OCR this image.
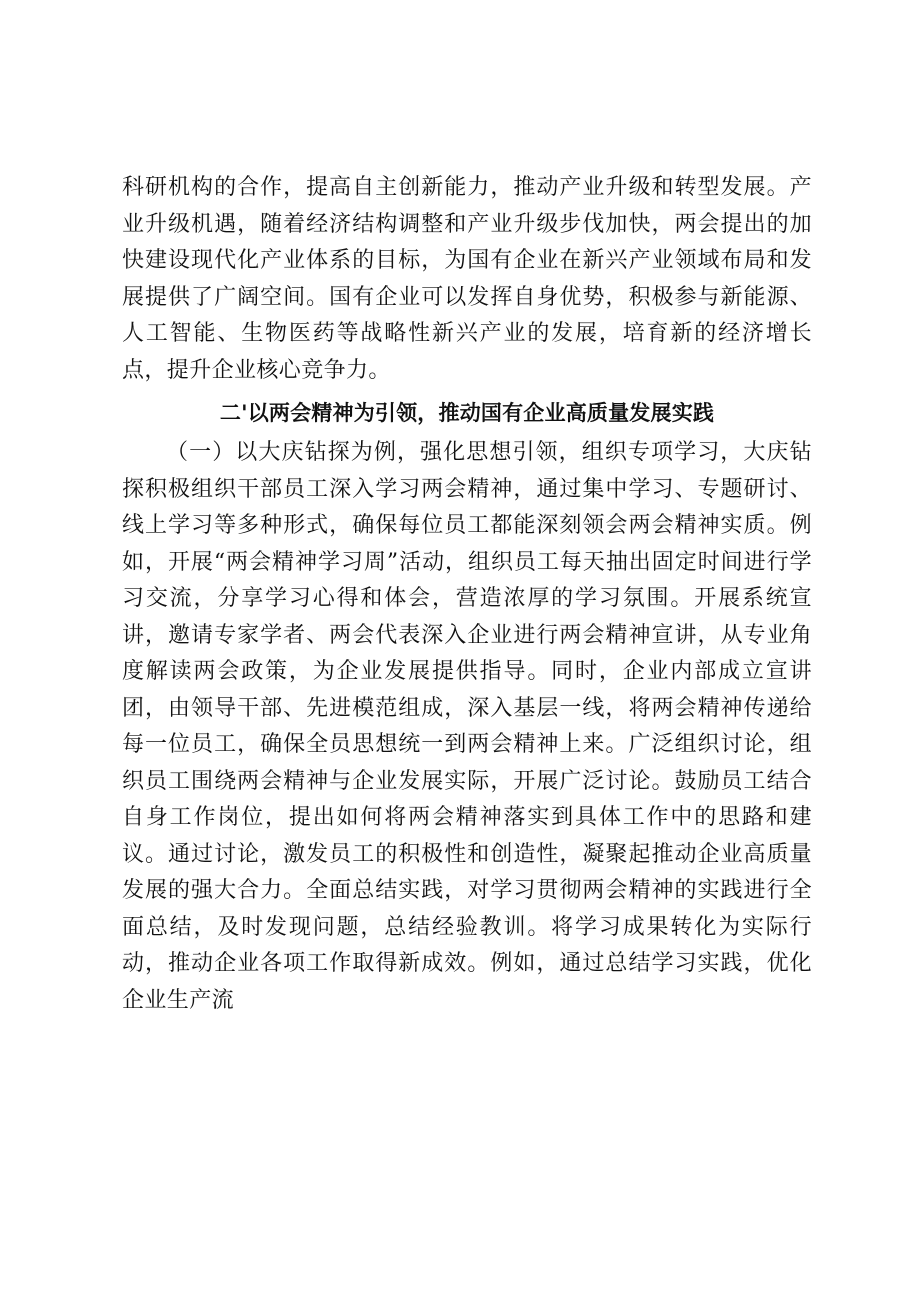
科研机构的合作，提高自主创新能力，推动产业升级和转型发展。产业升级机遇，随着经济结构调整和产业升级步伐加快，两会提出的加快建设现代化产业体系的目标，为国有企业在新兴产业领域布局和发展提供了广阔空间。国有企业可以发挥自身优势，积极参与新能源、人工智能、生物医药等战略性新兴产业的发展，培育新的经济增长点，提升企业核心竞争力。

二'以两会精神为引领，推动国有企业高质量发展实践

（一）以大庆钻探为例，强化思想引领，组织专项学习，大庆钻探积极组织干部员工深入学习两会精神，通过集中学习、专题研讨、线上学习等多种形式，确保每位员工都能深刻领会两会精神实质。例如，开展“两会精神学习周”活动，组织员工每天抽出固定时间进行学习交流，分享学习心得和体会，营造浓厚的学习氛围。开展系统宣讲，邀请专家学者、两会代表深入企业进行两会精神宣讲，从专业角度解读两会政策，为企业发展提供指导。同时，企业内部成立宣讲团，由领导干部、先进模范组成，深入基层一线，将两会精神传递给每一位员工，确保全员思想统一到两会精神上来。广泛组织讨论，组织员工围绕两会精神与企业发展实际，开展广泛讨论。鼓励员工结合自身工作岗位，提出如何将两会精神落实到具体工作中的思路和建议。通过讨论，激发员工的积极性和创造性，凝聚起推动企业高质量发展的强大合力。全面总结实践，对学习贯彻两会精神的实践进行全面总结，及时发现问题，总结经验教训。将学习成果转化为实际行动，推动企业各项工作取得新成效。例如，通过总结学习实践，优化企业生产流
